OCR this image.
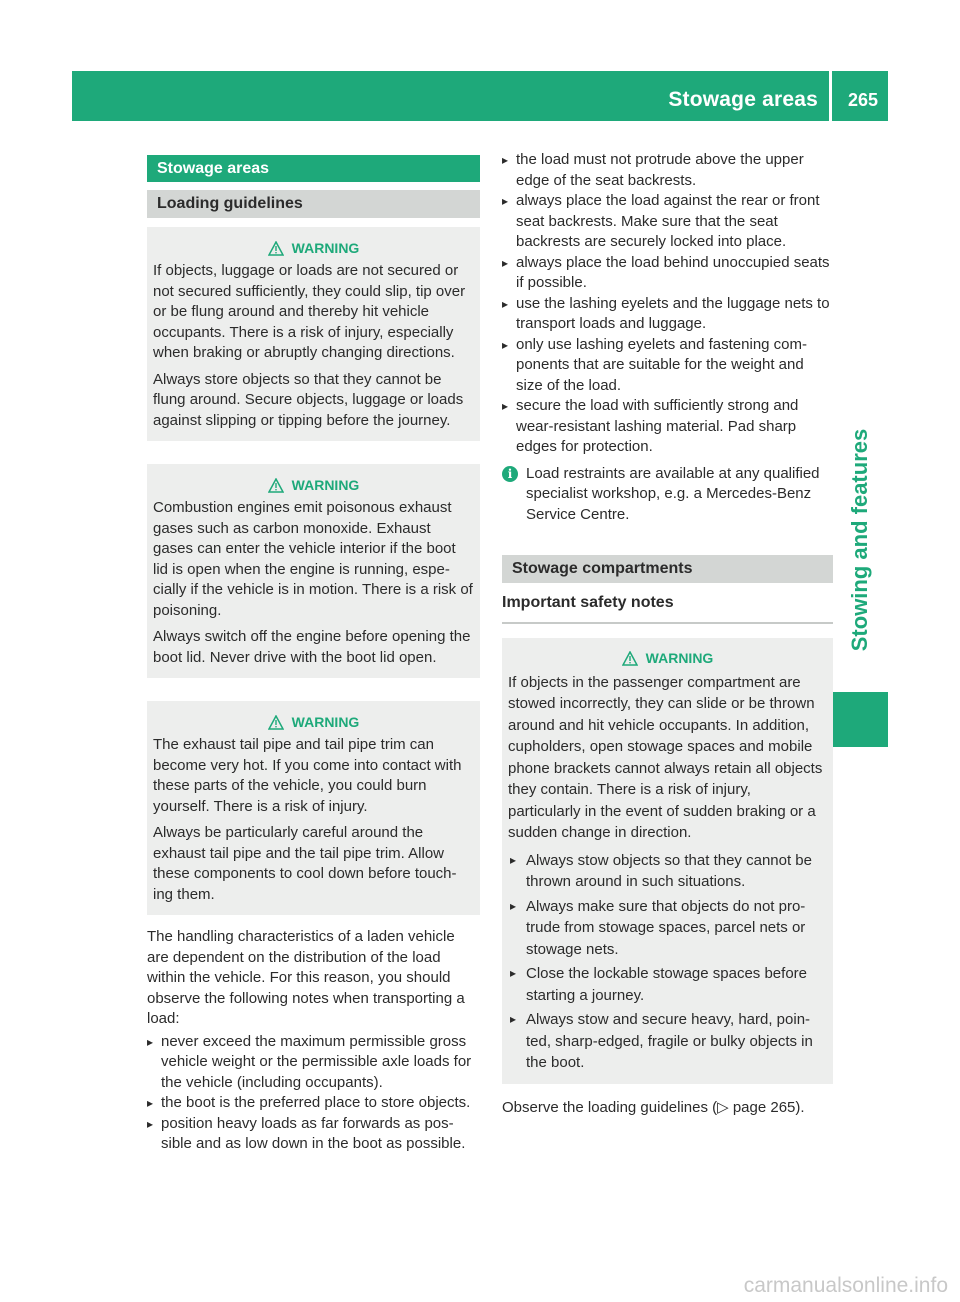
Stowage areas 265
Stowing and features
Stowage areas
Loading guidelines
WARNING

If objects, luggage or loads are not secured or not secured sufficiently, they could slip, tip over or be flung around and thereby hit vehicle occupants. There is a risk of injury, especially when braking or abruptly changing directions.

Always store objects so that they cannot be flung around. Secure objects, luggage or loads against slipping or tipping before the journey.

WARNING

Combustion engines emit poisonous exhaust gases such as carbon monoxide. Exhaust gases can enter the vehicle interior if the boot lid is open when the engine is running, espe-cially if the vehicle is in motion. There is a risk of poisoning.

Always switch off the engine before opening the boot lid. Never drive with the boot lid open.

WARNING

The exhaust tail pipe and tail pipe trim can become very hot. If you come into contact with these parts of the vehicle, you could burn yourself. There is a risk of injury.

Always be particularly careful around the exhaust tail pipe and the tail pipe trim. Allow these components to cool down before touch-ing them.

The handling characteristics of a laden vehicle are dependent on the distribution of the load within the vehicle. For this reason, you should observe the following notes when transporting a load:

▸ never exceed the maximum permissible gross vehicle weight or the permissible axle loads for the vehicle (including occupants).
▸ the boot is the preferred place to store objects.
▸ position heavy loads as far forwards as pos-sible and as low down in the boot as possible.
▸ the load must not protrude above the upper edge of the seat backrests.
▸ always place the load against the rear or front seat backrests. Make sure that the seat backrests are securely locked into place.
▸ always place the load behind unoccupied seats if possible.
▸ use the lashing eyelets and the luggage nets to transport loads and luggage.
▸ only use lashing eyelets and fastening com-ponents that are suitable for the weight and size of the load.
▸ secure the load with sufficiently strong and wear-resistant lashing material. Pad sharp edges for protection.
i Load restraints are available at any qualified specialist workshop, e.g. a Mercedes-Benz Service Centre.
Stowage compartments
Important safety notes
WARNING

If objects in the passenger compartment are stowed incorrectly, they can slide or be thrown around and hit vehicle occupants. In addition, cupholders, open stowage spaces and mobile phone brackets cannot always retain all objects they contain. There is a risk of injury, particularly in the event of sudden braking or a sudden change in direction.

▸ Always stow objects so that they cannot be thrown around in such situations.
▸ Always make sure that objects do not pro-trude from stowage spaces, parcel nets or stowage nets.
▸ Close the lockable stowage spaces before starting a journey.
▸ Always stow and secure heavy, hard, poin-ted, sharp-edged, fragile or bulky objects in the boot.

Observe the loading guidelines (▷ page 265).

carmanualsonline.info
